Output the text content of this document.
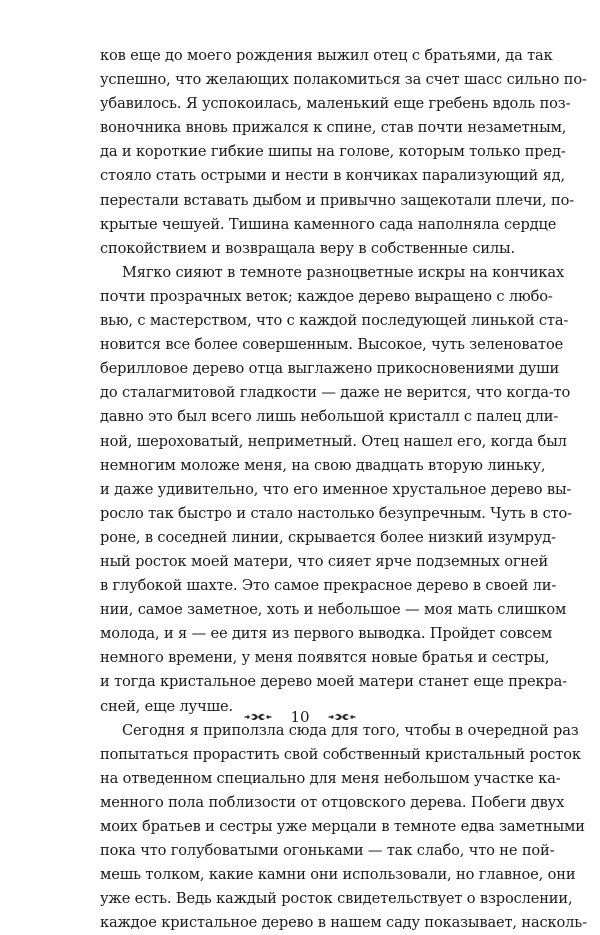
ков еще до моего рождения выжил отец с братьями, да так
успешно, что желающих полакомиться за счет шасс сильно по-
убавилось. Я успокоилась, маленький еще гребень вдоль поз-
воночника вновь прижался к спине, став почти незаметным,
да и короткие гибкие шипы на голове, которым только пред-
стояло стать острыми и нести в кончиках парализующий яд,
перестали вставать дыбом и привычно защекотали плечи, по-
крытые чешуей. Тишина каменного сада наполняла сердце
спокойствием и возвращала веру в собственные силы.
Мягко сияют в темноте разноцветные искры на кончиках
почти прозрачных веток; каждое дерево выращено с любо-
вью, с мастерством, что с каждой последующей линькой ста-
новится все более совершенным. Высокое, чуть зеленоватое
берилловое дерево отца выглажено прикосновениями души
до сталагмитовой гладкости — даже не верится, что когда-то
давно это был всего лишь небольшой кристалл с палец дли-
ной, шероховатый, неприметный. Отец нашел его, когда был
немногим моложе меня, на свою двадцать вторую линьку,
и даже удивительно, что его именное хрустальное дерево вы-
росло так быстро и стало настолько безупречным. Чуть в сто-
роне, в соседней линии, скрывается более низкий изумруд-
ный росток моей матери, что сияет ярче подземных огней
в глубокой шахте. Это самое прекрасное дерево в своей ли-
нии, самое заметное, хоть и небольшое — моя мать слишком
молода, и я — ее дитя из первого выводка. Пройдет совсем
немного времени, у меня появятся новые братья и сестры,
и тогда кристальное дерево моей матери станет еще прекра-
сней, еще лучше.
Сегодня я приползла сюда для того, чтобы в очередной раз
попытаться прорастить свой собственный кристальный росток
на отведенном специально для меня небольшом участке ка-
менного пола поблизости от отцовского дерева. Побеги двух
моих братьев и сестры уже мерцали в темноте едва заметными
пока что голубоватыми огоньками — так слабо, что не пой-
мешь толком, какие камни они использовали, но главное, они
уже есть. Ведь каждый росток свидетельствует о взрослении,
каждое кристальное дерево в нашем саду показывает, насколь-
10
